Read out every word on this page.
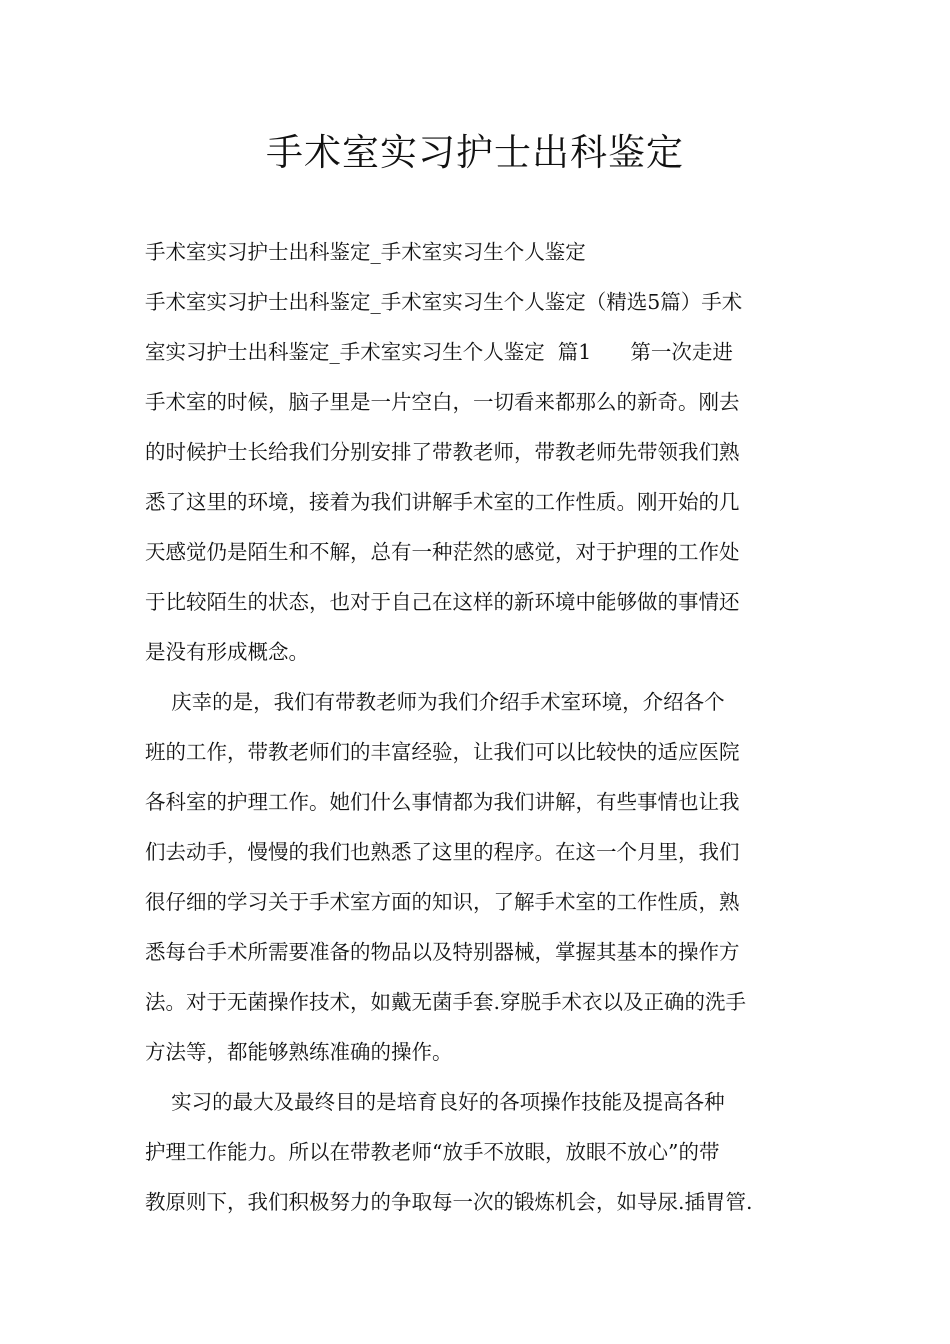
手术室实习护士出科鉴定
手术室实习护士出科鉴定_手术室实习生个人鉴定
手术室实习护士出科鉴定_手术室实习生个人鉴定（精选5篇）手术
室实习护士出科鉴定_手术室实习生个人鉴定  篇1      第一次走进
手术室的时候，脑子里是一片空白，一切看来都那么的新奇。刚去
的时候护士长给我们分别安排了带教老师，带教老师先带领我们熟
悉了这里的环境，接着为我们讲解手术室的工作性质。刚开始的几
天感觉仍是陌生和不解，总有一种茫然的感觉，对于护理的工作处
于比较陌生的状态，也对于自己在这样的新环境中能够做的事情还
是没有形成概念。
庆幸的是，我们有带教老师为我们介绍手术室环境，介绍各个
班的工作，带教老师们的丰富经验，让我们可以比较快的适应医院
各科室的护理工作。她们什么事情都为我们讲解，有些事情也让我
们去动手，慢慢的我们也熟悉了这里的程序。在这一个月里，我们
很仔细的学习关于手术室方面的知识，了解手术室的工作性质，熟
悉每台手术所需要准备的物品以及特别器械，掌握其基本的操作方
法。对于无菌操作技术，如戴无菌手套.穿脱手术衣以及正确的洗手
方法等，都能够熟练准确的操作。
实习的最大及最终目的是培育良好的各项操作技能及提高各种
护理工作能力。所以在带教老师“放手不放眼，放眼不放心”的带
教原则下，我们积极努力的争取每一次的锻炼机会，如导尿.插胃管.
